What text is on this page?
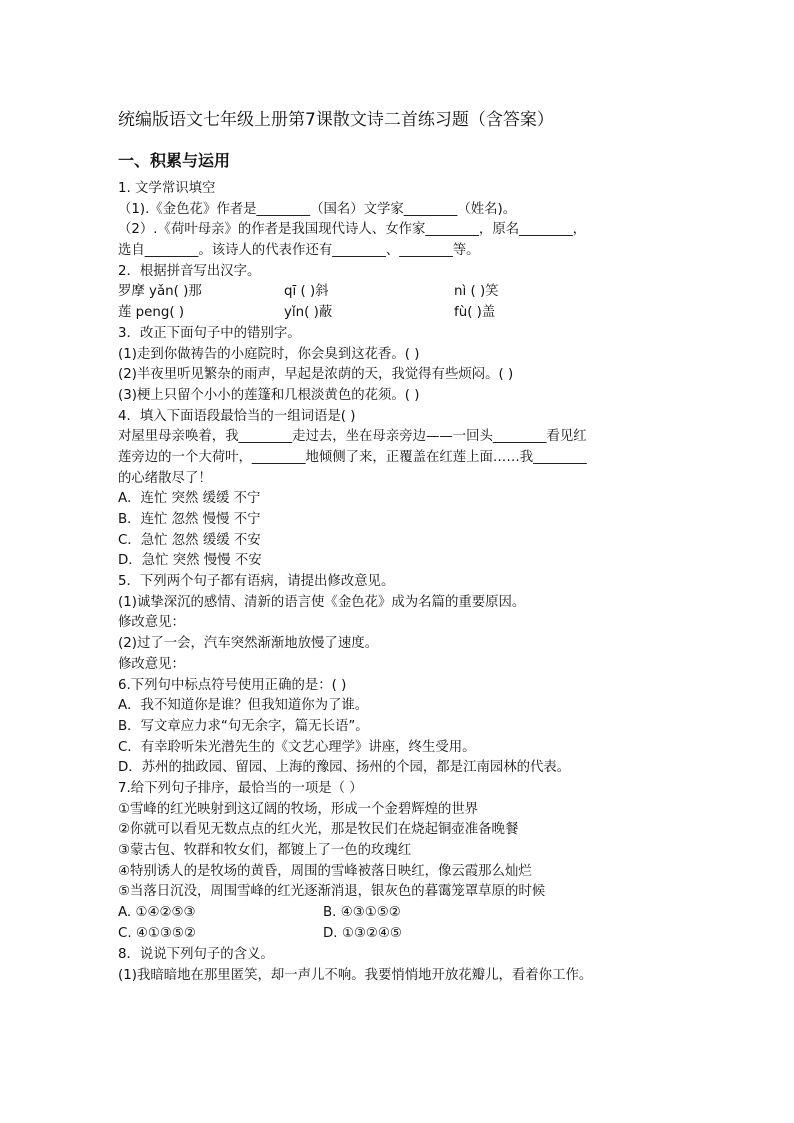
统编版语文七年级上册第7课散文诗二首练习题（含答案）
一、积累与运用
1. 文学常识填空
（1).《金色花》作者是________（国名）文学家________（姓名)。
（2）.《荷叶母亲》的作者是我国现代诗人、女作家________，原名________，
选自________。该诗人的代表作还有________、________等。
2．根据拼音写出汉字。
罗摩 yǎn( )那	qī ( )斜	nì ( )笑
莲 peng( )	yǐn( )蔽	fù( )盖
3．改正下面句子中的错别字。
(1)走到你做祷告的小庭院时，你会臭到这花香。( )
(2)半夜里听见繁杂的雨声，早起是浓荫的天，我觉得有些烦闷。( )
(3)梗上只留个小小的莲篷和几根淡黄色的花须。( )
4．填入下面语段最恰当的一组词语是( )
对屋里母亲唤着，我________走过去，坐在母亲旁边——一回头________看见红
莲旁边的一个大荷叶，________地倾侧了来，正覆盖在红莲上面……我________
的心绪散尽了！
A．连忙 突然 缓缓 不宁
B．连忙 忽然 慢慢 不宁
C．急忙 忽然 缓缓 不安
D．急忙 突然 慢慢 不安
5．下列两个句子都有语病，请提出修改意见。
(1)诚挚深沉的感情、清新的语言使《金色花》成为名篇的重要原因。
修改意见：
(2)过了一会，汽车突然渐渐地放慢了速度。
修改意见：
6.下列句中标点符号使用正确的是：( )
A．我不知道你是谁？但我知道你为了谁。
B．写文章应力求“句无余字，篇无长语”。
C．有幸聆听朱光潜先生的《文艺心理学》讲座，终生受用。
D．苏州的拙政园、留园、上海的豫园、扬州的个园，都是江南园林的代表。
7.给下列句子排序，最恰当的一项是（ ）
①雪峰的红光映射到这辽阔的牧场，形成一个金碧辉煌的世界
②你就可以看见无数点点的红火光，那是牧民们在烧起铜壶准备晚餐
③蒙古包、牧群和牧女们，都镀上了一色的玫瑰红
④特别诱人的是牧场的黄昏，周围的雪峰被落日映红，像云霞那么灿烂
⑤当落日沉没，周围雪峰的红光逐渐消退，银灰色的暮霭笼罩草原的时候
A. ①④②⑤③	B. ④③①⑤②
C. ④①③⑤②	D. ①③②④⑤
8．说说下列句子的含义。
(1)我暗暗地在那里匿笑，却一声儿不响。我要悄悄地开放花瓣儿，看着你工作。
